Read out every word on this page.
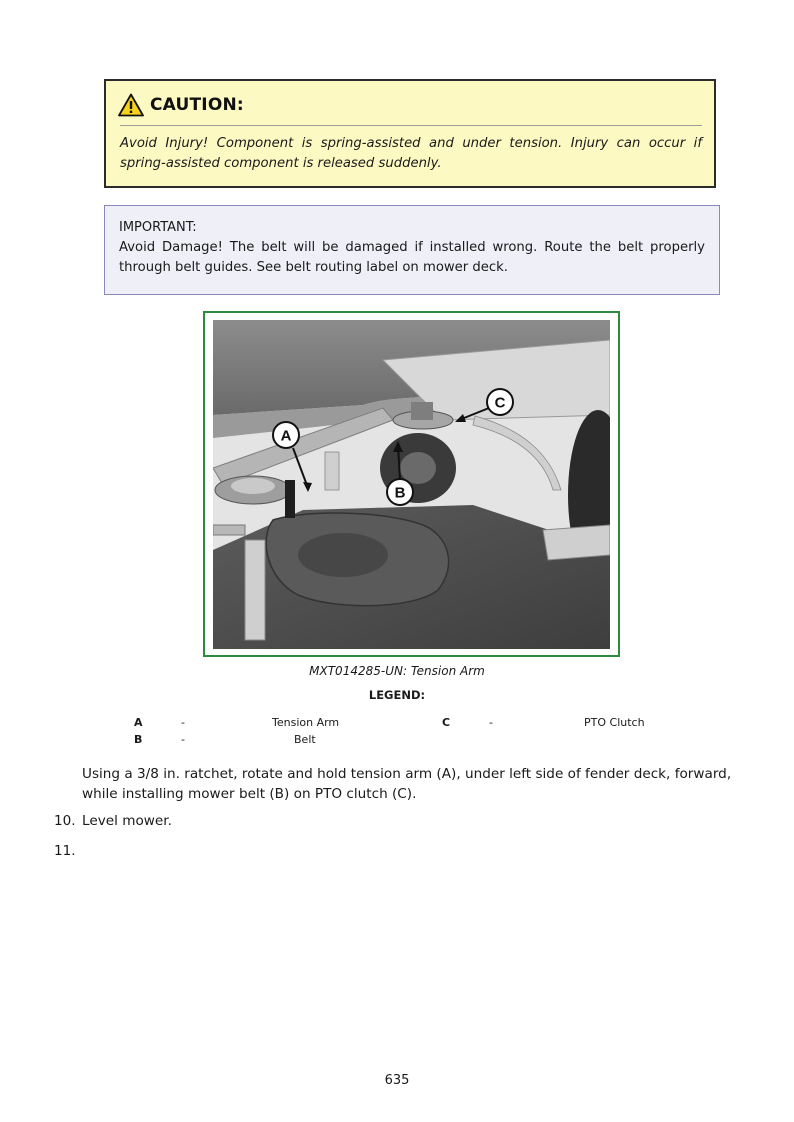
CAUTION:
Avoid Injury! Component is spring-assisted and under tension. Injury can occur if spring-assisted component is released suddenly.
IMPORTANT:
Avoid Damage! The belt will be damaged if installed wrong. Route the belt properly through belt guides. See belt routing label on mower deck.
A
B
C
MXT014285-UN: Tension Arm
LEGEND:
A	-	Tension Arm	C	-	PTO Clutch
B	-	Belt
Using a 3/8 in. ratchet, rotate and hold tension arm (A), under left side of fender deck, forward, while installing mower belt (B) on PTO clutch (C).
10. Level mower.
11.
635
